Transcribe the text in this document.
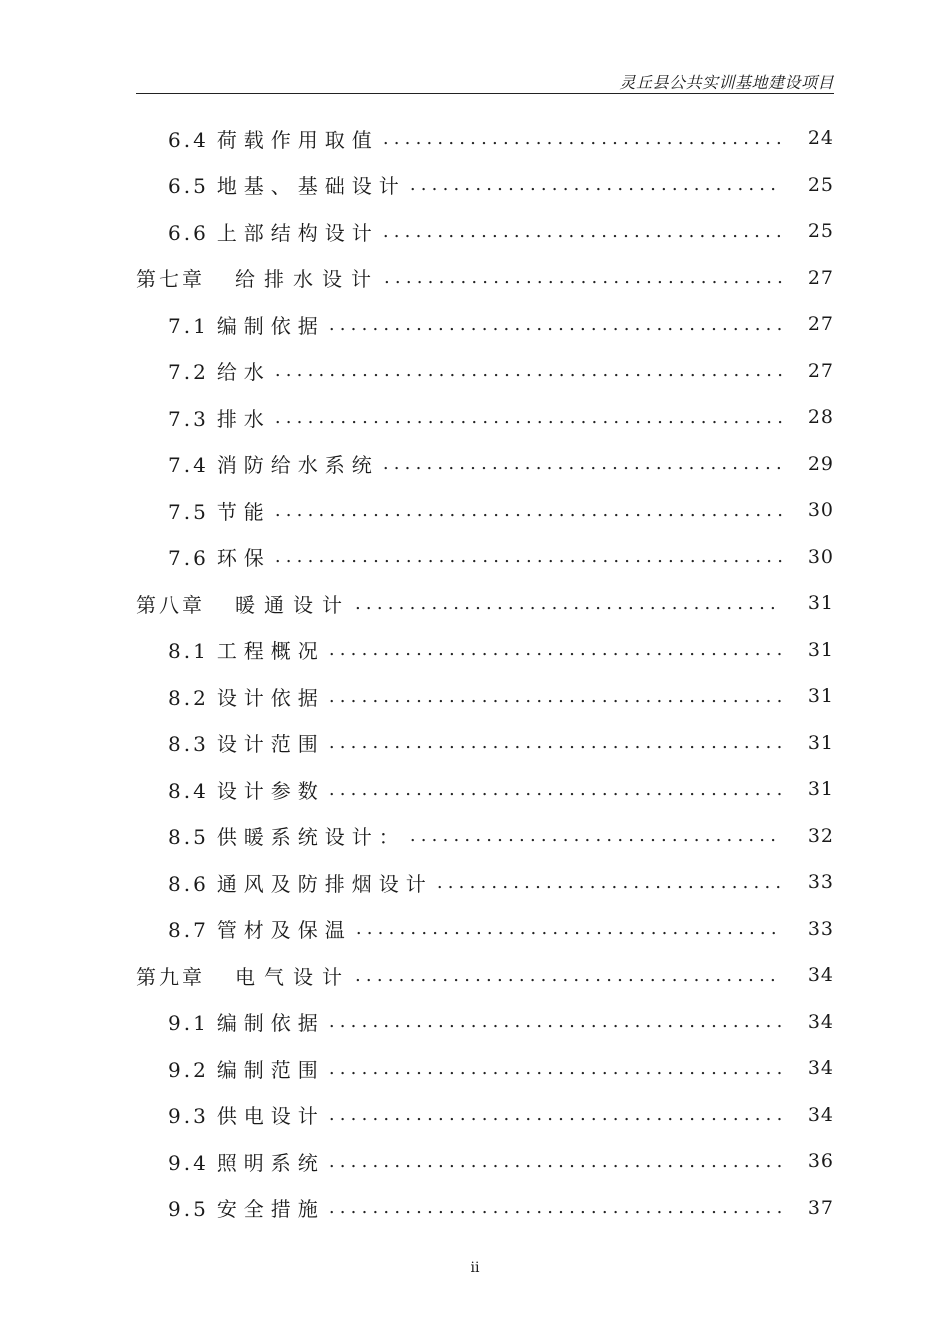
灵丘县公共实训基地建设项目
6.4 荷载作用取值 .....	24
6.5 地基、基础设计 .....	25
6.6 上部结构设计 .....	25
第七章 给排水设计 .....	27
7.1 编制依据 .....	27
7.2 给水 .....	27
7.3 排水 .....	28
7.4 消防给水系统 .....	29
7.5 节能 .....	30
7.6 环保 .....	30
第八章 暖通设计 .....	31
8.1 工程概况 .....	31
8.2 设计依据 .....	31
8.3 设计范围 .....	31
8.4 设计参数 .....	31
8.5 供暖系统设计： .....	32
8.6 通风及防排烟设计 .....	33
8.7 管材及保温 .....	33
第九章 电气设计 .....	34
9.1 编制依据 .....	34
9.2 编制范围 .....	34
9.3 供电设计 .....	34
9.4 照明系统 .....	36
9.5 安全措施 .....	37
ii
